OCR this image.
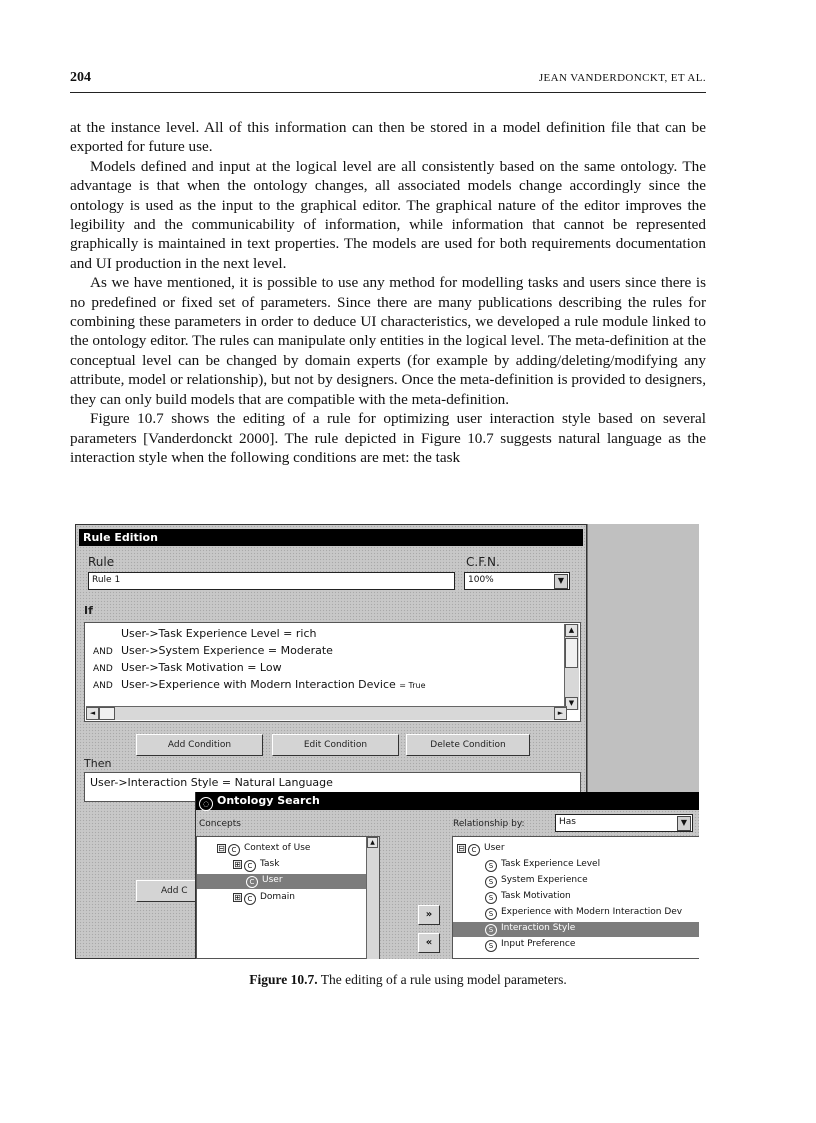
204	JEAN VANDERDONCKT, ET AL.

at the instance level. All of this information can then be stored in a model definition file that can be exported for future use.

Models defined and input at the logical level are all consistently based on the same ontology. The advantage is that when the ontology changes, all associated models change accordingly since the ontology is used as the input to the graphical editor. The graphical nature of the editor improves the legibility and the communicability of information, while information that cannot be represented graphically is maintained in text properties. The models are used for both requirements documentation and UI production in the next level.

As we have mentioned, it is possible to use any method for modelling tasks and users since there is no predefined or fixed set of parameters. Since there are many publications describing the rules for combining these parameters in order to deduce UI characteristics, we developed a rule module linked to the ontology editor. The rules can manipulate only entities in the logical level. The meta-definition at the conceptual level can be changed by domain experts (for example by adding/deleting/modifying any attribute, model or relationship), but not by designers. Once the meta-definition is provided to designers, they can only build models that are compatible with the meta-definition.

Figure 10.7 shows the editing of a rule for optimizing user interaction style based on several parameters [Vanderdonckt 2000]. The rule depicted in Figure 10.7 suggests natural language as the interaction style when the following conditions are met: the task

Rule Edition
Rule
Rule 1
C.F.N.
100%	▼
If
User->Task Experience Level = rich
AND User->System Experience = Moderate
AND User->Task Motivation = Low
AND User->Experience with Modern Interaction Device = True
▲
▼
◄	►
Add Condition	Edit Condition	Delete Condition
Then
User->Interaction Style = Natural Language
Add C
◌ Ontology Search
Concepts	Relationship by:	Has	▼
⊟ C Context of Use
⊞ C Task
C User
⊞ C Domain
▲
»
«
⊟ C User
S Task Experience Level
S System Experience
S Task Motivation
S Experience with Modern Interaction Dev
S Interaction Style
S Input Preference
Figure 10.7. The editing of a rule using model parameters.
